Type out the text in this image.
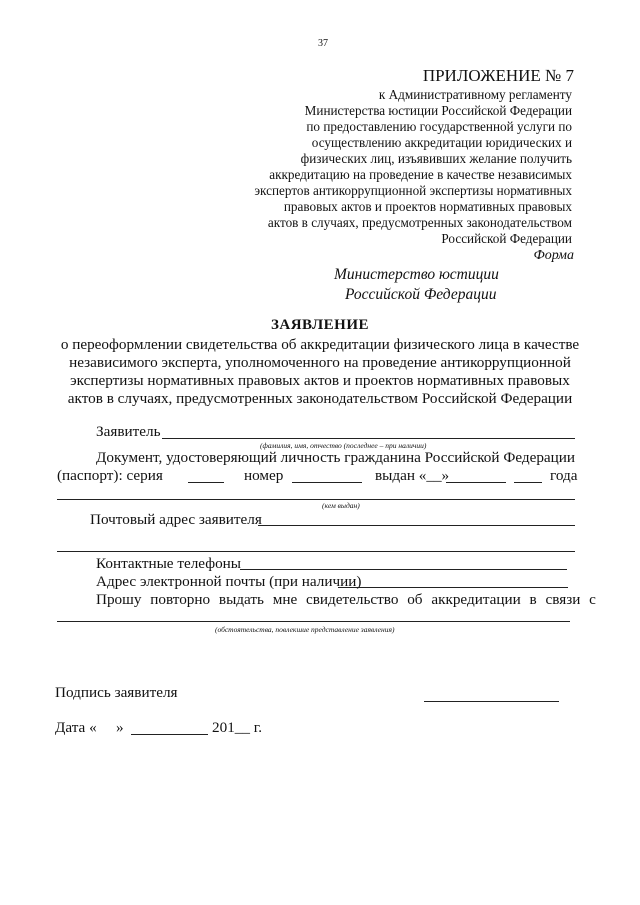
37
ПРИЛОЖЕНИЕ № 7
к Административному регламенту
Министерства юстиции Российской Федерации
по предоставлению государственной услуги по
осуществлению аккредитации юридических и
физических лиц, изъявивших желание получить
аккредитацию на проведение в качестве независимых
экспертов антикоррупционной экспертизы нормативных
правовых актов и проектов нормативных правовых
актов в случаях, предусмотренных законодательством
Российской Федерации
Форма
Министерство юстиции
Российской Федерации
ЗАЯВЛЕНИЕ
о переоформлении свидетельства об аккредитации физического лица в качестве
независимого эксперта, уполномоченного на проведение антикоррупционной
экспертизы нормативных правовых актов и проектов нормативных правовых
актов в случаях, предусмотренных законодательством Российской Федерации
Заявитель
(фамилия, имя, отчество (последнее – при наличии)
Документ, удостоверяющий личность гражданина Российской Федерации
(паспорт): серия	номер	выдан «__»	года
(кем выдан)
Почтовый адрес заявителя
Контактные телефоны
Адрес электронной почты (при наличии)
Прошу повторно выдать мне свидетельство об аккредитации в связи с
(обстоятельства, повлекшие представление заявления)
Подпись заявителя
Дата « »	201__ г.
